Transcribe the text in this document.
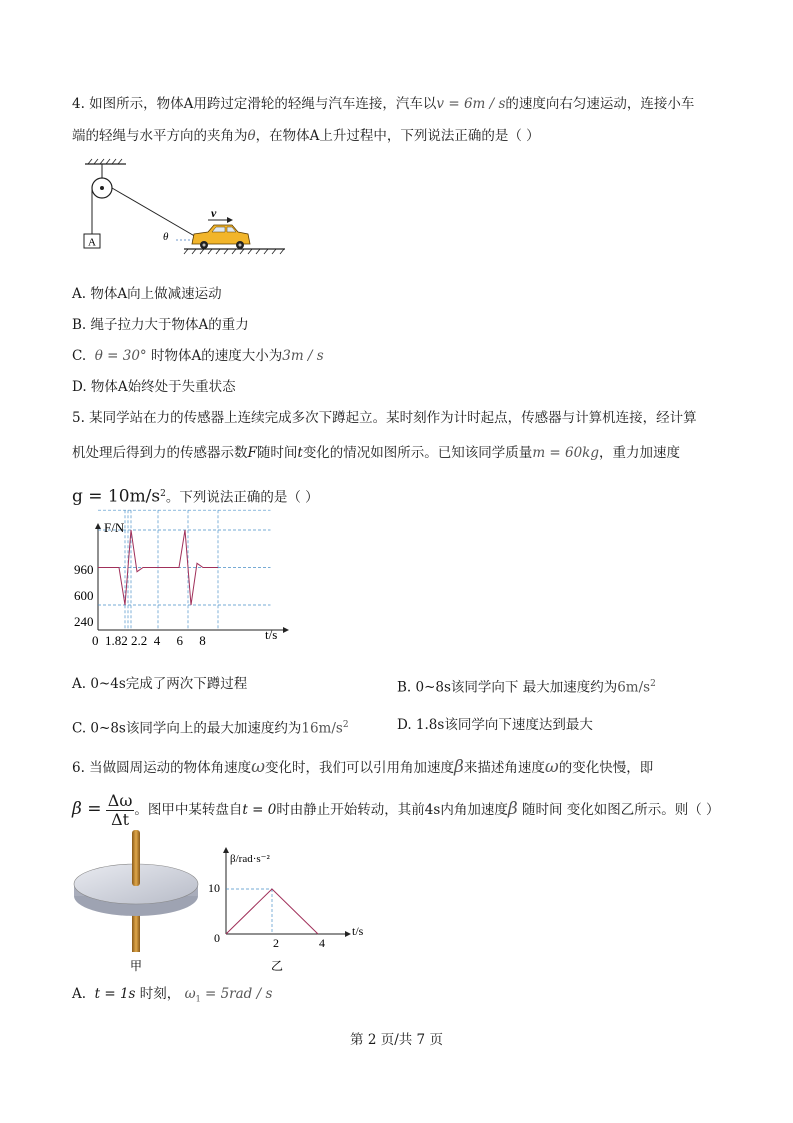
4. 如图所示，物体A用跨过定滑轮的轻绳与汽车连接，汽车以v = 6m / s的速度向右匀速运动，连接小车
端的轻绳与水平方向的夹角为θ，在物体A上升过程中，下列说法正确的是（ ）
A	θ
v
A. 物体A向上做减速运动
B. 绳子拉力大于物体A的重力
C. θ = 30° 时物体A的速度大小为3m / s
D. 物体A始终处于失重状态
5. 某同学站在力的传感器上连续完成多次下蹲起立。某时刻作为计时起点，传感器与计算机连接，经计算
机处理后得到力的传感器示数F随时间t变化的情况如图所示。已知该同学质量m = 60kg，重力加速度
$g = 10m/s^2$。下列说法正确的是（ ）
F/N
t/s
960
600
240
0  1.82 2.2  4     6     8
A. 0~4s完成了两次下蹲过程	B. 0~8s该同学向下 最大加速度约为$6m/s^2$
C. 0~8s该同学向上的最大加速度约为$16m/s^2$	D. 1.8s该同学向下速度达到最大
6. 当做圆周运动的物体角速度ω变化时，我们可以引用角加速度β来描述角速度ω的变化快慢，即
$\beta = \frac{\Delta\omega}{\Delta t}$ 。图甲中某转盘自t = 0时由静止开始转动，其前4s内角加速度β 随时间 变化如图乙所示。则（ ）
甲
β/rad·s⁻²
t/s
10
0	2	4
乙
A. t = 1s 时刻， $\omega_1 = 5rad / s$
第 2 页/共 7 页
